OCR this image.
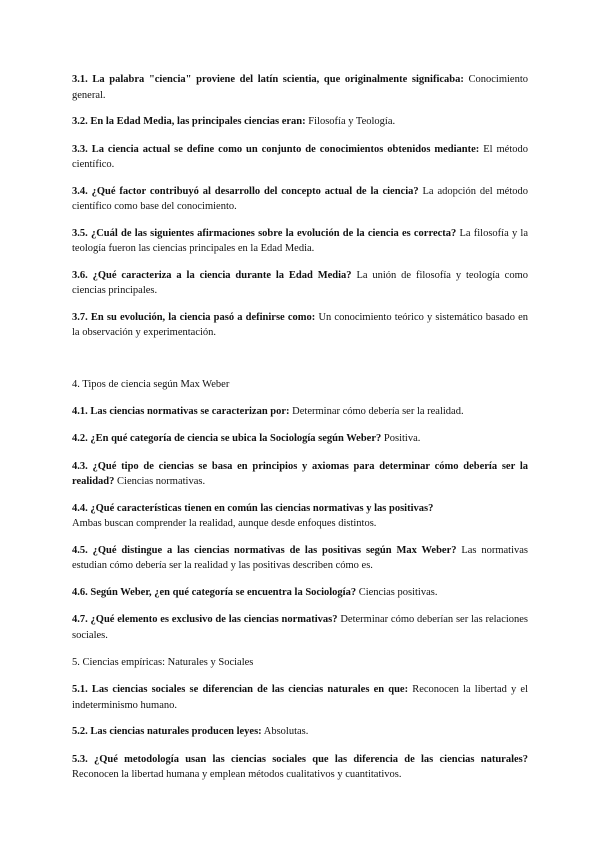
3.1. La palabra "ciencia" proviene del latín scientia, que originalmente significaba: Conocimiento general.

3.2. En la Edad Media, las principales ciencias eran: Filosofía y Teología.

3.3. La ciencia actual se define como un conjunto de conocimientos obtenidos mediante: El método científico.

3.4. ¿Qué factor contribuyó al desarrollo del concepto actual de la ciencia? La adopción del método científico como base del conocimiento.

3.5. ¿Cuál de las siguientes afirmaciones sobre la evolución de la ciencia es correcta? La filosofía y la teología fueron las ciencias principales en la Edad Media.

3.6. ¿Qué caracteriza a la ciencia durante la Edad Media? La unión de filosofía y teología como ciencias principales.

3.7. En su evolución, la ciencia pasó a definirse como: Un conocimiento teórico y sistemático basado en la observación y experimentación.

4. Tipos de ciencia según Max Weber

4.1. Las ciencias normativas se caracterizan por: Determinar cómo debería ser la realidad.

4.2. ¿En qué categoría de ciencia se ubica la Sociología según Weber? Positiva.

4.3. ¿Qué tipo de ciencias se basa en principios y axiomas para determinar cómo debería ser la realidad? Ciencias normativas.

4.4. ¿Qué características tienen en común las ciencias normativas y las positivas?
Ambas buscan comprender la realidad, aunque desde enfoques distintos.

4.5. ¿Qué distingue a las ciencias normativas de las positivas según Max Weber? Las normativas estudian cómo debería ser la realidad y las positivas describen cómo es.

4.6. Según Weber, ¿en qué categoría se encuentra la Sociología? Ciencias positivas.

4.7. ¿Qué elemento es exclusivo de las ciencias normativas? Determinar cómo deberían ser las relaciones sociales.

5. Ciencias empíricas: Naturales y Sociales

5.1. Las ciencias sociales se diferencian de las ciencias naturales en que: Reconocen la libertad y el indeterminismo humano.

5.2. Las ciencias naturales producen leyes: Absolutas.

5.3. ¿Qué metodología usan las ciencias sociales que las diferencia de las ciencias naturales? Reconocen la libertad humana y emplean métodos cualitativos y cuantitativos.
